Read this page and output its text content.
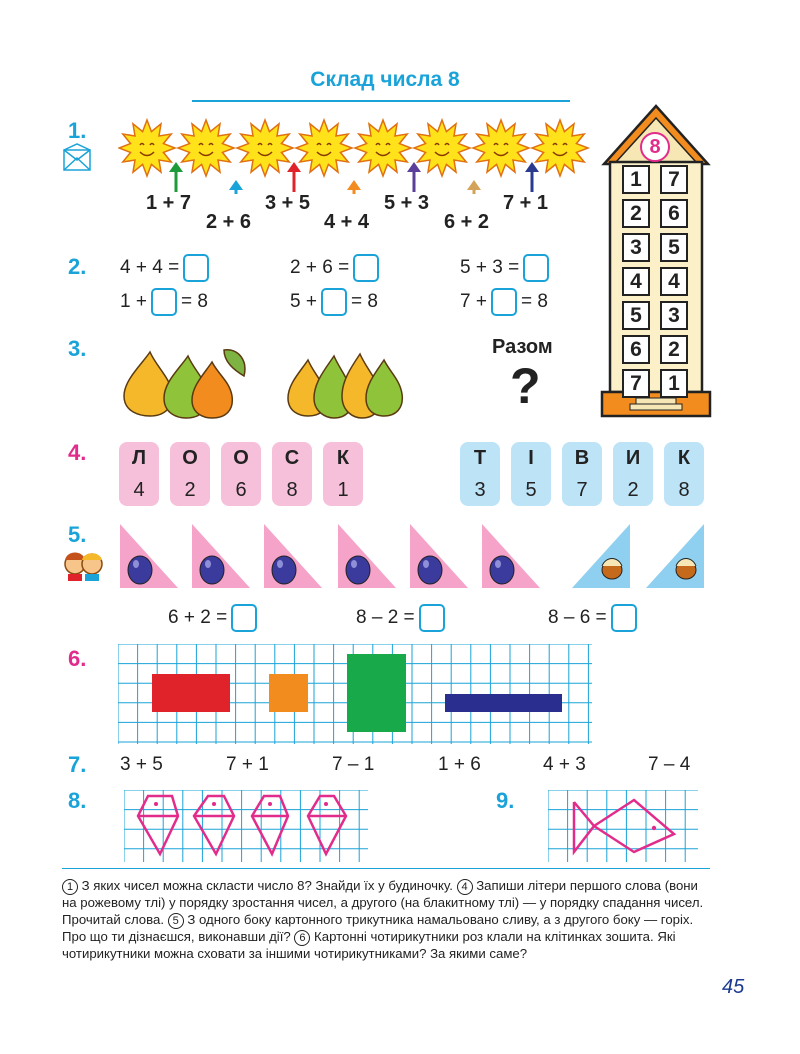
Склад числа 8
1.
2.
3.
4.
5.
6.
7.
8.	9.
1 + 7
2 + 6
3 + 5
4 + 4
5 + 3
6 + 2
7 + 1
8
1	7
2	6
3	5
4	4
5	3
6	2
7	1
4 + 4 =	2 + 6 =	5 + 3 =
1 + = 8	5 + = 8	7 + = 8
Разом
?
Л
4
О
2
О
6
С
8
К
1
Т
3
І
5
В
7
И
2
К
8
6 + 2 =	8 – 2 =	8 – 6 =
3 + 5	7 + 1	7 – 1	1 + 6	4 + 3	7 – 4
1 З яких чисел можна скласти число 8? Знайди їх у будиночку. 4 Запиши літери першого слова (вони на рожевому тлі) у порядку зростання чисел, а другого (на блакитному тлі) — у порядку спадання чисел. Прочитай слова. 5 З одного боку картонного трикутника намальовано сливу, а з другого боку — горіх. Про що ти дізнаєшся, виконавши дії? 6 Картонні чотирикутники роз клали на клітинках зошита. Які чотирикутники можна сховати за іншими чотирикутниками? За якими саме?
45
